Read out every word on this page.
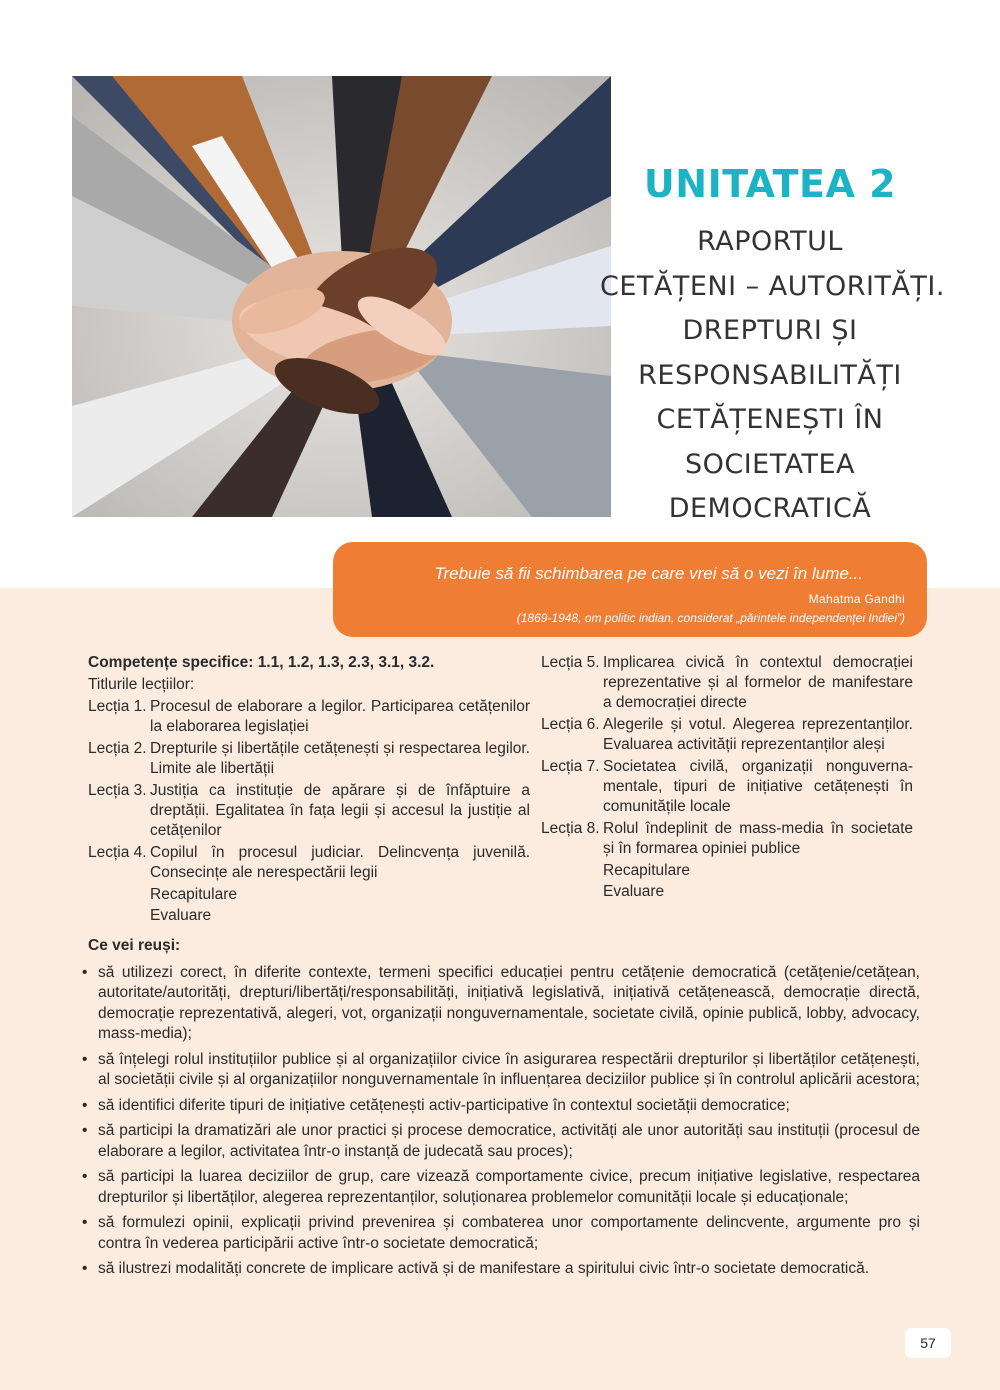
UNITATEA 2
RAPORTUL
CETĂȚENI – AUTORITĂȚI.
DREPTURI ȘI
RESPONSABILITĂȚI
CETĂȚENEȘTI ÎN
SOCIETATEA
DEMOCRATICĂ
Trebuie să fii schimbarea pe care vrei să o vezi în lume...
Mahatma Gandhi
(1869-1948, om politic indian, considerat „părintele independenței Indiei”)
Competențe specifice: 1.1, 1.2, 1.3, 2.3, 3.1, 3.2.
Titlurile lecțiilor:
Lecția 1. Procesul de elaborare a legilor. Participarea cetățenilor la elaborarea legislației
Lecția 2. Drepturile și libertățile cetățenești și respectarea legilor. Limite ale libertății
Lecția 3. Justiția ca instituție de apărare și de înfăptuire a dreptății. Egalitatea în fața legii și accesul la justiție al cetățenilor
Lecția 4. Copilul în procesul judiciar. Delincvența juvenilă. Consecințe ale nerespectării legii
Recapitulare
Evaluare
Lecția 5. Implicarea civică în contextul democrației reprezentative și al formelor de manifestare a democrației directe
Lecția 6. Alegerile și votul. Alegerea reprezentanților. Evaluarea activității reprezentanților aleși
Lecția 7. Societatea civilă, organizații nonguverna-mentale, tipuri de inițiative cetățenești în comunitățile locale
Lecția 8. Rolul îndeplinit de mass-media în societate și în formarea opiniei publice
Recapitulare
Evaluare
Ce vei reuși:
• să utilizezi corect, în diferite contexte, termeni specifici educației pentru cetățenie democratică (cetățenie/cetățean, autoritate/autorități, drepturi/libertăți/responsabilități, inițiativă legislativă, inițiativă cetățenească, democrație directă, democrație reprezentativă, alegeri, vot, organizații nonguvernamentale, societate civilă, opinie publică, lobby, advocacy, mass-media);
• să înțelegi rolul instituțiilor publice și al organizațiilor civice în asigurarea respectării drepturilor și libertăților cetățenești, al societății civile și al organizațiilor nonguvernamentale în influențarea deciziilor publice și în controlul aplicării acestora;
• să identifici diferite tipuri de inițiative cetățenești activ-participative în contextul societății democratice;
• să participi la dramatizări ale unor practici și procese democratice, activități ale unor autorități sau instituții (procesul de elaborare a legilor, activitatea într-o instanță de judecată sau proces);
• să participi la luarea deciziilor de grup, care vizează comportamente civice, precum inițiative legislative, respectarea drepturilor și libertăților, alegerea reprezentanților, soluționarea problemelor comunității locale și educaționale;
• să formulezi opinii, explicații privind prevenirea și combaterea unor comportamente delincvente, argumente pro și contra în vederea participării active într-o societate democratică;
• să ilustrezi modalități concrete de implicare activă și de manifestare a spiritului civic într-o societate democratică.
57
